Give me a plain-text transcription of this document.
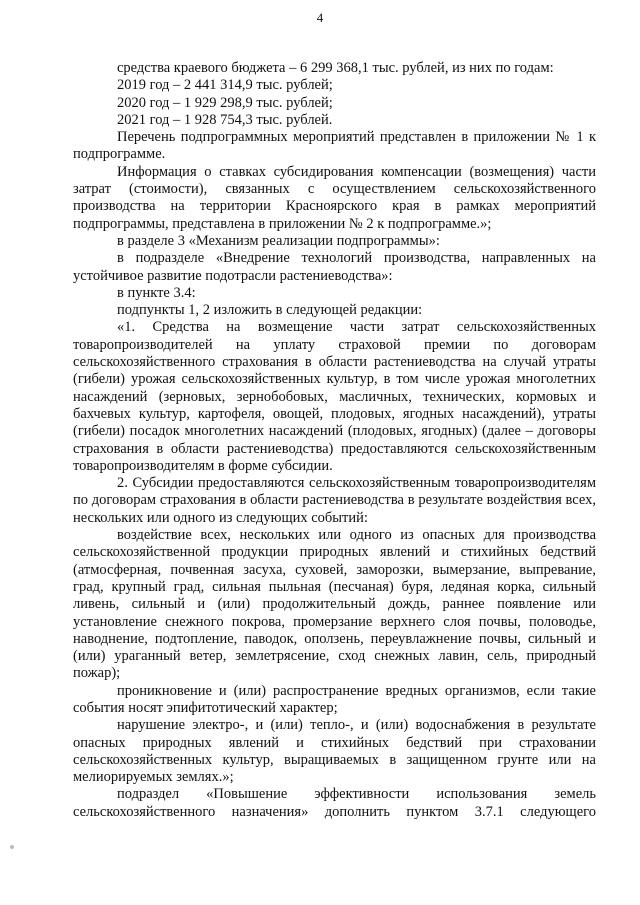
4

средства краевого бюджета – 6 299 368,1 тыс. рублей, из них по годам:

2019 год – 2 441 314,9 тыс. рублей;

2020 год – 1 929 298,9 тыс. рублей;

2021 год – 1 928 754,3 тыс. рублей.

Перечень подпрограммных мероприятий представлен в приложении № 1 к подпрограмме.

Информация о ставках субсидирования компенсации (возмещения) части затрат (стоимости), связанных с осуществлением сельскохозяйственного производства на территории Красноярского края в рамках мероприятий подпрограммы, представлена в приложении № 2 к подпрограмме.»;

в разделе 3 «Механизм реализации подпрограммы»:

в подразделе «Внедрение технологий производства, направленных на устойчивое развитие подотрасли растениеводства»:

в пункте 3.4:

подпункты 1, 2 изложить в следующей редакции:

«1. Средства на возмещение части затрат сельскохозяйственных товаропроизводителей на уплату страховой премии по договорам сельскохозяйственного страхования в области растениеводства на случай утраты (гибели) урожая сельскохозяйственных культур, в том числе урожая многолетних насаждений (зерновых, зернобобовых, масличных, технических, кормовых и бахчевых культур, картофеля, овощей, плодовых, ягодных насаждений), утраты (гибели) посадок многолетних насаждений (плодовых, ягодных) (далее – договоры страхования в области растениеводства) предоставляются сельскохозяйственным товаропроизводителям в форме субсидии.

2. Субсидии предоставляются сельскохозяйственным товаропроизводителям по договорам страхования в области растениеводства в результате воздействия всех, нескольких или одного из следующих событий:

воздействие всех, нескольких или одного из опасных для производства сельскохозяйственной продукции природных явлений и стихийных бедствий (атмосферная, почвенная засуха, суховей, заморозки, вымерзание, выпревание, град, крупный град, сильная пыльная (песчаная) буря, ледяная корка, сильный ливень, сильный и (или) продолжительный дождь, раннее появление или установление снежного покрова, промерзание верхнего слоя почвы, половодье, наводнение, подтопление, паводок, оползень, переувлажнение почвы, сильный и (или) ураганный ветер, землетрясение, сход снежных лавин, сель, природный пожар);

проникновение и (или) распространение вредных организмов, если такие события носят эпифитотический характер;

нарушение электро-, и (или) тепло-, и (или) водоснабжения в результате опасных природных явлений и стихийных бедствий при страховании сельскохозяйственных культур, выращиваемых в защищенном грунте или на мелиорируемых землях.»;

подраздел «Повышение эффективности использования земель сельскохозяйственного назначения» дополнить пунктом 3.7.1 следующего
